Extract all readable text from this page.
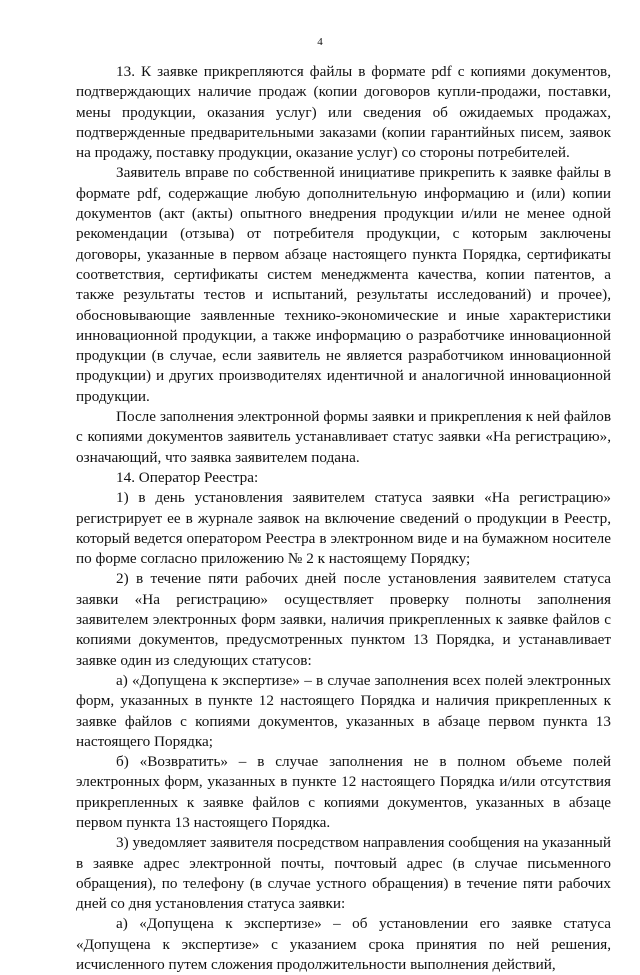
4

13. К заявке прикрепляются файлы в формате pdf с копиями документов, подтверждающих наличие продаж (копии договоров купли-продажи, поставки, мены продукции, оказания услуг) или сведения об ожидаемых продажах, подтвержденные предварительными заказами (копии гарантийных писем, заявок на продажу, поставку продукции, оказание услуг) со стороны потребителей.

Заявитель вправе по собственной инициативе прикрепить к заявке файлы в формате pdf, содержащие любую дополнительную информацию и (или) копии документов (акт (акты) опытного внедрения продукции и/или не менее одной рекомендации (отзыва) от потребителя продукции, с которым заключены договоры, указанные в первом абзаце настоящего пункта Порядка, сертификаты соответствия, сертификаты систем менеджмента качества, копии патентов, а также результаты тестов и испытаний, результаты исследований) и прочее), обосновывающие заявленные технико-экономические и иные характеристики инновационной продукции, а также информацию о разработчике инновационной продукции (в случае, если заявитель не является разработчиком инновационной продукции) и других производителях идентичной и аналогичной инновационной продукции.

После заполнения электронной формы заявки и прикрепления к ней файлов с копиями документов заявитель устанавливает статус заявки «На регистрацию», означающий, что заявка заявителем подана.

14. Оператор Реестра:

1) в день установления заявителем статуса заявки «На регистрацию» регистрирует ее в журнале заявок на включение сведений о продукции в Реестр, который ведется оператором Реестра в электронном виде и на бумажном носителе по форме согласно приложению № 2 к настоящему Порядку;

2) в течение пяти рабочих дней после установления заявителем статуса заявки «На регистрацию» осуществляет проверку полноты заполнения заявителем электронных форм заявки, наличия прикрепленных к заявке файлов с копиями документов, предусмотренных пунктом 13 Порядка, и устанавливает заявке один из следующих статусов:

а) «Допущена к экспертизе» – в случае заполнения всех полей электронных форм, указанных в пункте 12 настоящего Порядка и наличия прикрепленных к заявке файлов с копиями документов, указанных в абзаце первом пункта 13 настоящего Порядка;

б) «Возвратить» – в случае заполнения не в полном объеме полей электронных форм, указанных в пункте 12 настоящего Порядка и/или отсутствия прикрепленных к заявке файлов с копиями документов, указанных в абзаце первом пункта 13 настоящего Порядка.

3) уведомляет заявителя посредством направления сообщения на указанный в заявке адрес электронной почты, почтовый адрес (в случае письменного обращения), по телефону (в случае устного обращения) в течение пяти рабочих дней со дня установления статуса заявки:

а) «Допущена к экспертизе» – об установлении его заявке статуса «Допущена к экспертизе» с указанием срока принятия по ней решения, исчисленного путем сложения продолжительности выполнения действий,
